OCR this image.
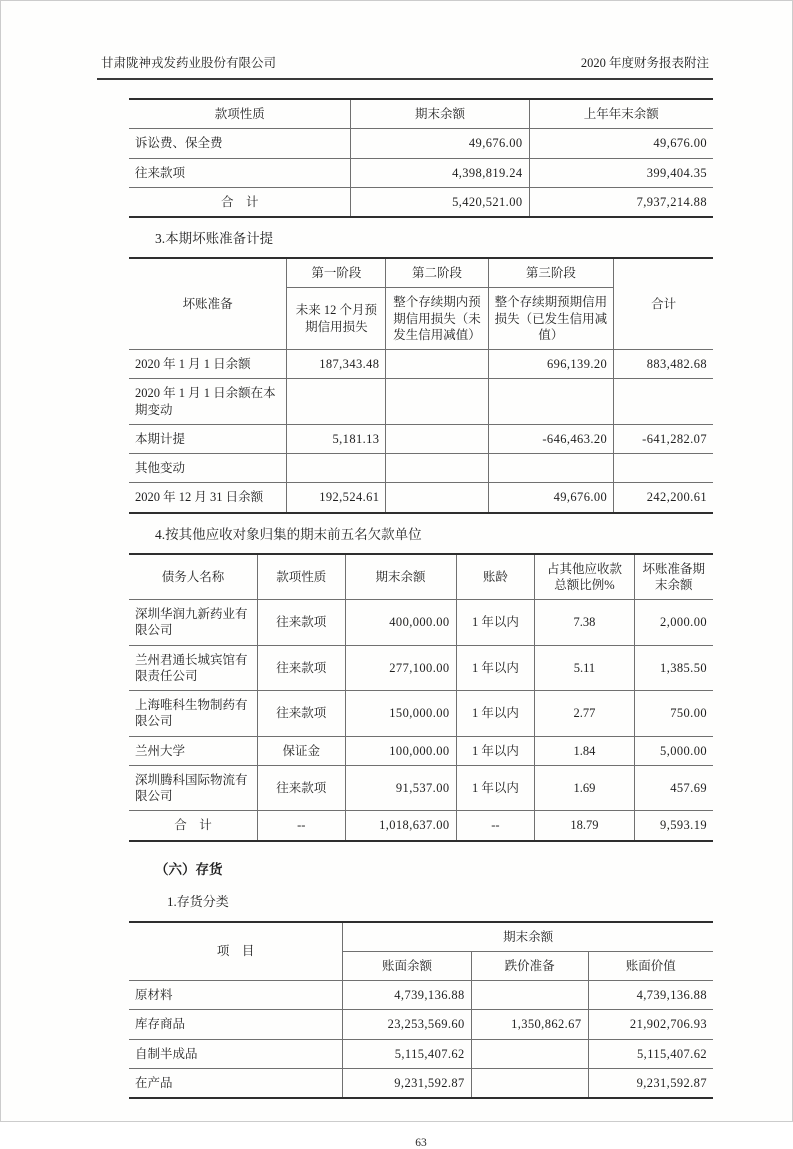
甘肃陇神戎发药业股份有限公司	2020 年度财务报表附注
款项性质	期末余额	上年年末余额
诉讼费、保全费	49,676.00	49,676.00
往来款项	4,398,819.24	399,404.35
合　计	5,420,521.00	7,937,214.88

3.本期坏账准备计提

坏账准备	第一阶段	第二阶段	第三阶段	合计
	未来 12 个月预期信用损失	整个存续期内预期信用损失（未发生信用减值）	整个存续期预期信用损失（已发生信用减值）	
2020 年 1 月 1 日余额	187,343.48		696,139.20	883,482.68
2020 年 1 月 1 日余额在本期变动				
本期计提	5,181.13		-646,463.20	-641,282.07
其他变动				
2020 年 12 月 31 日余额	192,524.61		49,676.00	242,200.61

4.按其他应收对象归集的期末前五名欠款单位

债务人名称	款项性质	期末余额	账龄	占其他应收款总额比例%	坏账准备期末余额
深圳华润九新药业有限公司	往来款项	400,000.00	1 年以内	7.38	2,000.00
兰州君通长城宾馆有限责任公司	往来款项	277,100.00	1 年以内	5.11	1,385.50
上海唯科生物制药有限公司	往来款项	150,000.00	1 年以内	2.77	750.00
兰州大学	保证金	100,000.00	1 年以内	1.84	5,000.00
深圳腾科国际物流有限公司	往来款项	91,537.00	1 年以内	1.69	457.69
合　计	--	1,018,637.00	--	18.79	9,593.19

（六）存货

1.存货分类

项　目	期末余额		
	账面余额	跌价准备	账面价值
原材料	4,739,136.88		4,739,136.88
库存商品	23,253,569.60	1,350,862.67	21,902,706.93
自制半成品	5,115,407.62		5,115,407.62
在产品	9,231,592.87		9,231,592.87
63
